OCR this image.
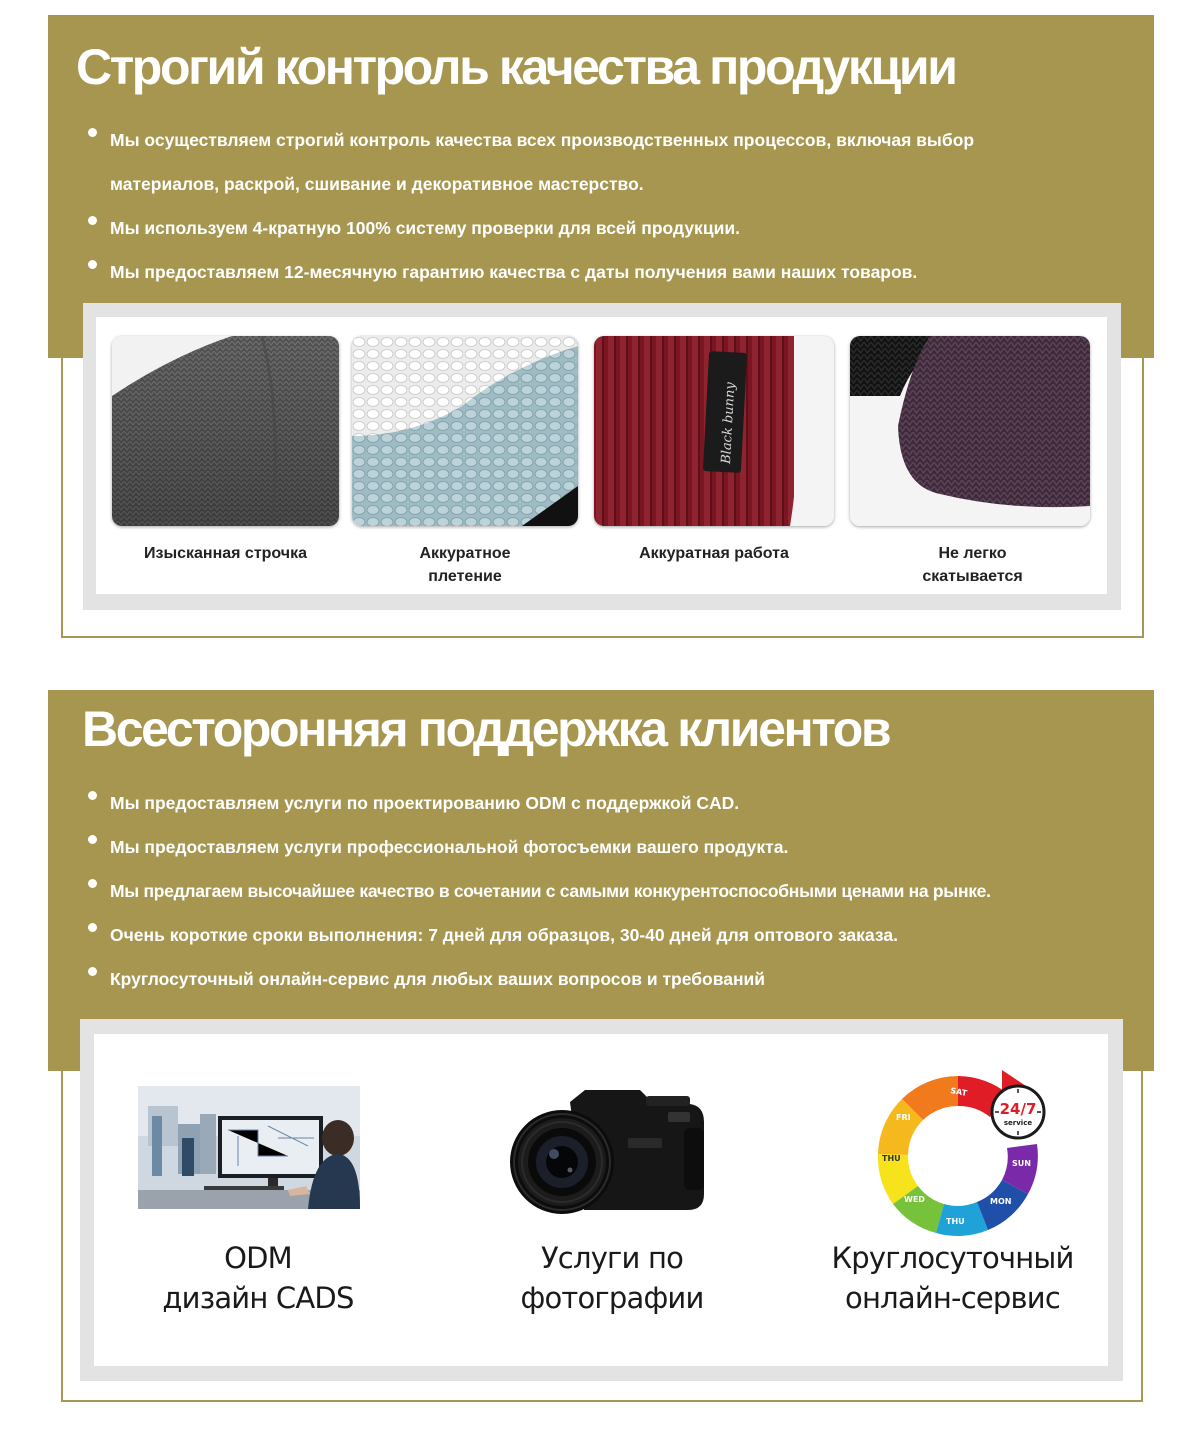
Строгий контроль качества продукции
Мы осуществляем строгий контроль качества всех производственных процессов, включая выбор
материалов, раскрой, сшивание и декоративное мастерство.
Мы используем 4-кратную 100% систему проверки для всей продукции.
Мы предоставляем 12-месячную гарантию качества с даты получения вами наших товаров.
Black bunny
Изысканная строчка	Аккуратное
плетение
Аккуратная работа	Не легко
скатывается
Всесторонняя поддержка клиентов
Мы предоставляем услуги по проектированию ODM с поддержкой CAD.
Мы предоставляем услуги профессиональной фотосъемки вашего продукта.
Мы предлагаем высочайшее качество в сочетании с самыми конкурентоспособными ценами на рынке.
Очень короткие сроки выполнения: 7 дней для образцов, 30-40 дней для оптового заказа.
Круглосуточный онлайн-сервис для любых ваших вопросов и требований
SAT
FRI
THU
WED
THU
MON
SUN
24/7
service
ODM
дизайн CADS
Услуги по
фотографии
Круглосуточный
онлайн-сервис
